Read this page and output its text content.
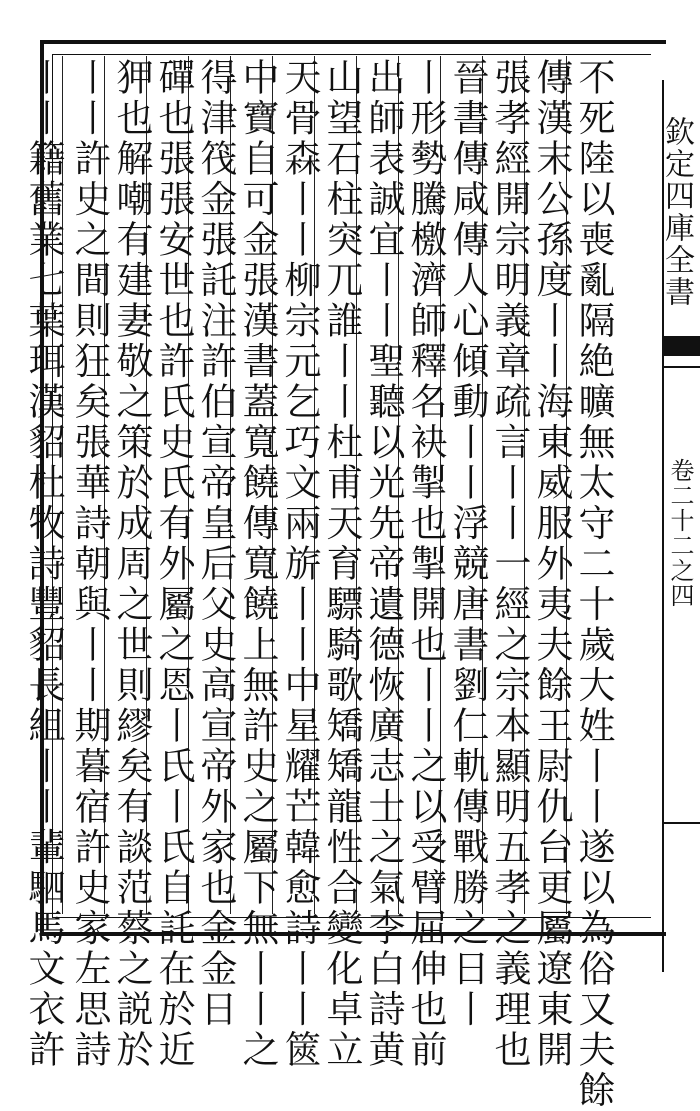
不死陸以喪亂隔絶曠無太守二十歲大姓丨丨遂以為俗又夫餘
傳漢末公孫度丨丨海東威服外夷夫餘王尉仇台更屬遼東開
張孝經開宗明義章疏言丨丨一經之宗本顯明五孝之義理也
晉書傳咸傳人心傾動丨丨浮競唐書劉仁軌傳戰勝之日丨
丨形勢騰檄濟師釋名袂掣也掣開也丨丨之以受臂屈伸也前
出師表誠宜丨丨聖聽以光先帝遺德恢廣志士之氣李白詩黄
山望石柱突兀誰丨丨杜甫天育驃騎歌矯矯龍性合變化卓立
天骨森丨丨柳宗元乞巧文兩旂丨丨中星耀芒韓愈詩丨丨篋
中寶自可金張漢書蓋寬饒傳寬饒上無許史之屬下無丨丨之
得津筏金張託注許伯宣帝皇后父史高宣帝外家也金金日
磾也張張安世也許氏史氏有外屬之恩丨氏丨氏自託在於近
狎也解嘲有建妻敬之策於成周之世則繆矣有談范蔡之説於
丨丨許史之間則狂矣張華詩朝與丨丨期暮宿許史家左思詩
丨丨籍舊業七葉珥漢貂杜牧詩豐貂長組丨丨輩駟馬文衣許	欽定四庫全書
卷二十二之四
